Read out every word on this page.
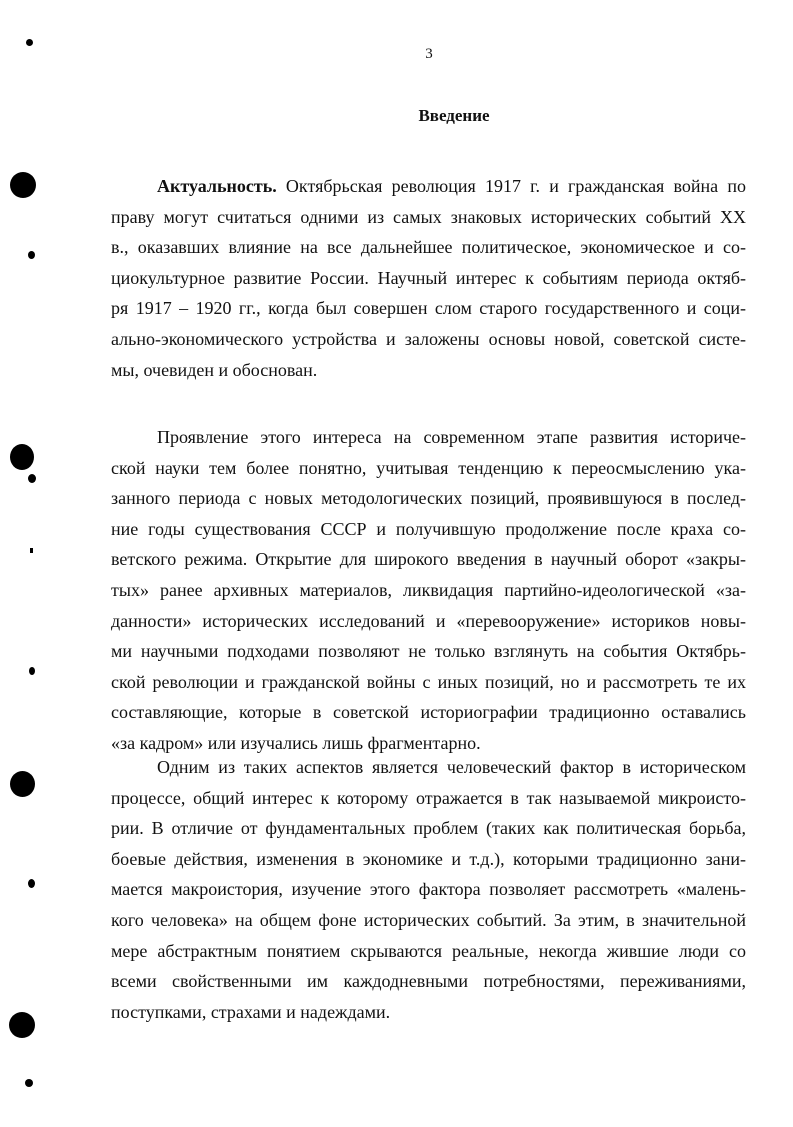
3
Введение

Актуальность. Октябрьская революция 1917 г. и гражданская война по
праву могут считаться одними из самых знаковых исторических событий XX
в., оказавших влияние на все дальнейшее политическое, экономическое и со-
циокультурное развитие России. Научный интерес к событиям периода октяб-
ря 1917 – 1920 гг., когда был совершен слом старого государственного и соци-
ально-экономического устройства и заложены основы новой, советской систе-
мы, очевиден и обоснован.

Проявление этого интереса на современном этапе развития историче-
ской науки тем более понятно, учитывая тенденцию к переосмыслению ука-
занного периода с новых методологических позиций, проявившуюся в послед-
ние годы существования СССР и получившую продолжение после краха со-
ветского режима. Открытие для широкого введения в научный оборот «закры-
тых» ранее архивных материалов, ликвидация партийно-идеологической «за-
данности» исторических исследований и «перевооружение» историков новы-
ми научными подходами позволяют не только взглянуть на события Октябрь-
ской революции и гражданской войны с иных позиций, но и рассмотреть те их
составляющие, которые в советской историографии традиционно оставались
«за кадром» или изучались лишь фрагментарно.

Одним из таких аспектов является человеческий фактор в историческом
процессе, общий интерес к которому отражается в так называемой микроисто-
рии. В отличие от фундаментальных проблем (таких как политическая борьба,
боевые действия, изменения в экономике и т.д.), которыми традиционно зани-
мается макроистория, изучение этого фактора позволяет рассмотреть «малень-
кого человека» на общем фоне исторических событий. За этим, в значительной
мере абстрактным понятием скрываются реальные, некогда жившие люди со
всеми свойственными им каждодневными потребностями, переживаниями,
поступками, страхами и надеждами.
